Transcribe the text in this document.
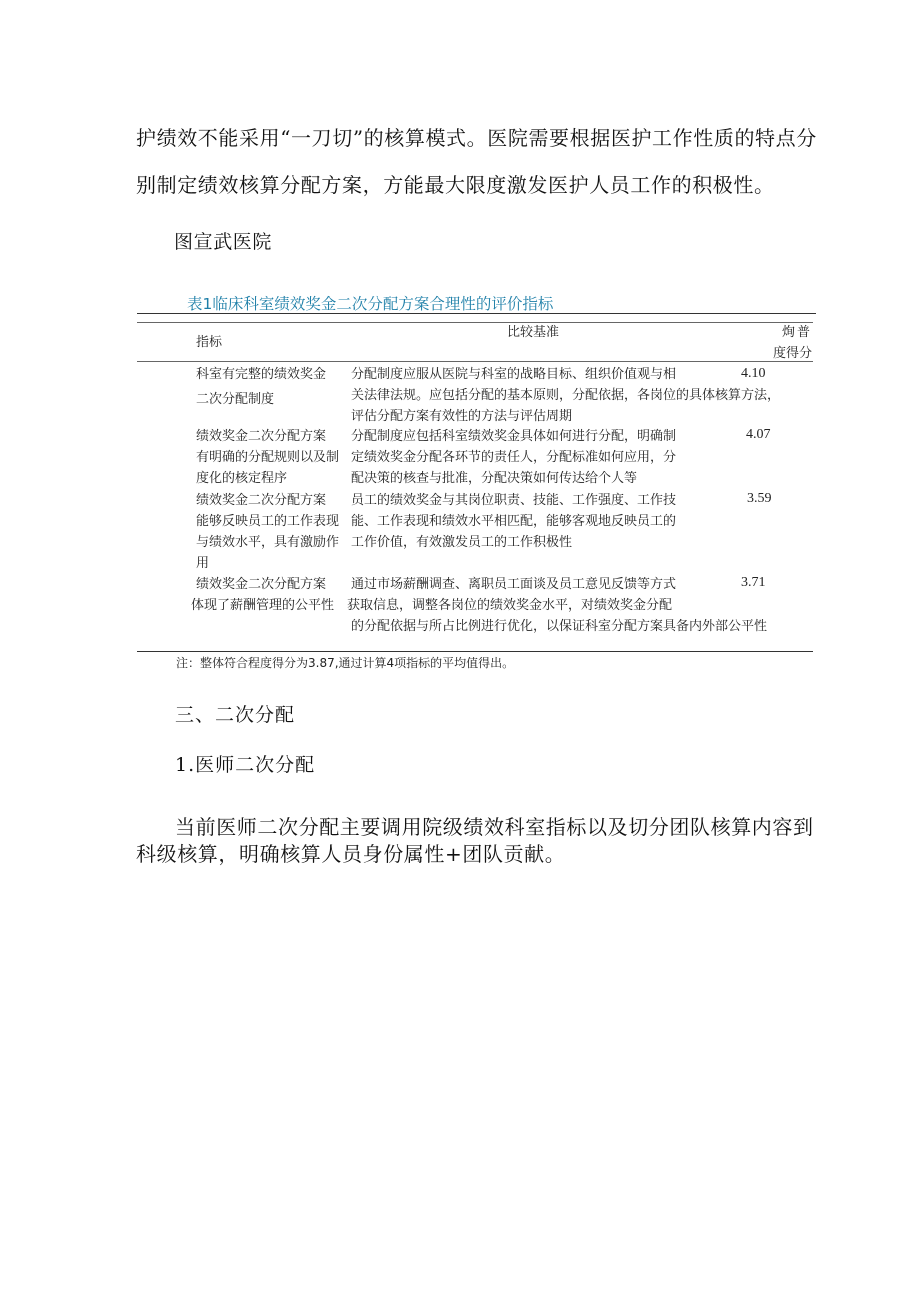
护绩效不能采用“一刀切”的核算模式。医院需要根据医护工作性质的特点分
别制定绩效核算分配方案，方能最大限度激发医护人员工作的积极性。
图宣武医院
表1临床科室绩效奖金二次分配方案合理性的评价指标
指标
比较基准	㶷普
度得分
科室有完整的绩效奖金
二次分配制度
分配制度应服从医院与科室的战略目标、组织价值观与相
关法律法规。应包括分配的基本原则，分配依据，各岗位的具体核算方法，
评估分配方案有效性的方法与评估周期
4.10
绩效奖金二次分配方案
有明确的分配规则以及制
度化的核定程序
分配制度应包括科室绩效奖金具体如何进行分配，明确制
定绩效奖金分配各环节的责任人，分配标准如何应用，分
配决策的核查与批准，分配决策如何传达给个人等
4.07
绩效奖金二次分配方案
能够反映员工的工作表现
与绩效水平，具有激励作
用
员工的绩效奖金与其岗位职责、技能、工作强度、工作技
能、工作表现和绩效水平相匹配，能够客观地反映员工的
工作价值，有效激发员工的工作积极性
3.59
绩效奖金二次分配方案
体现了薪酬管理的公平性
通过市场薪酬调查、离职员工面谈及员工意见反馈等方式
获取信息，调整各岗位的绩效奖金水平，对绩效奖金分配
的分配依据与所占比例进行优化，以保证科室分配方案具备内外部公平性
3.71
注：整体符合程度得分为3.87,通过计算4项指标的平均值得出。
三、二次分配
1.医师二次分配
当前医师二次分配主要调用院级绩效科室指标以及切分团队核算内容到
科级核算，明确核算人员身份属性+团队贡献。
